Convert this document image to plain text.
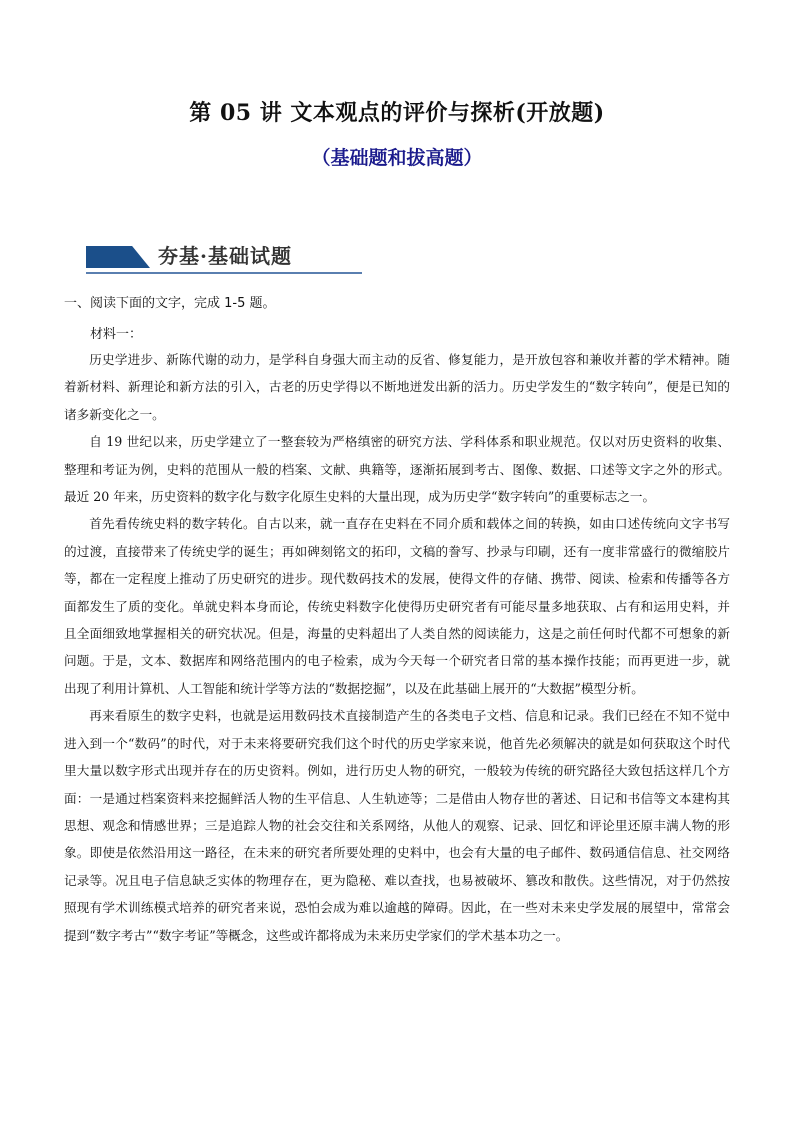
第 05 讲 文本观点的评价与探析(开放题)
（基础题和拔高题）
夯基·基础试题
一、阅读下面的文字，完成 1-5 题。
材料一：

历史学进步、新陈代谢的动力，是学科自身强大而主动的反省、修复能力，是开放包容和兼收并蓄的学术精神。随着新材料、新理论和新方法的引入，古老的历史学得以不断地迸发出新的活力。历史学发生的“数字转向”，便是已知的诸多新变化之一。

自 19 世纪以来，历史学建立了一整套较为严格缜密的研究方法、学科体系和职业规范。仅以对历史资料的收集、整理和考证为例，史料的范围从一般的档案、文献、典籍等，逐渐拓展到考古、图像、数据、口述等文字之外的形式。最近 20 年来，历史资料的数字化与数字化原生史料的大量出现，成为历史学“数字转向”的重要标志之一。

首先看传统史料的数字转化。自古以来，就一直存在史料在不同介质和载体之间的转换，如由口述传统向文字书写的过渡，直接带来了传统史学的诞生；再如碑刻铭文的拓印，文稿的誊写、抄录与印刷，还有一度非常盛行的微缩胶片等，都在一定程度上推动了历史研究的进步。现代数码技术的发展，使得文件的存储、携带、阅读、检索和传播等各方面都发生了质的变化。单就史料本身而论，传统史料数字化使得历史研究者有可能尽量多地获取、占有和运用史料，并且全面细致地掌握相关的研究状况。但是，海量的史料超出了人类自然的阅读能力，这是之前任何时代都不可想象的新问题。于是，文本、数据库和网络范围内的电子检索，成为今天每一个研究者日常的基本操作技能；而再更进一步，就出现了利用计算机、人工智能和统计学等方法的“数据挖掘”，以及在此基础上展开的“大数据”模型分析。

再来看原生的数字史料，也就是运用数码技术直接制造产生的各类电子文档、信息和记录。我们已经在不知不觉中进入到一个“数码”的时代，对于未来将要研究我们这个时代的历史学家来说，他首先必须解决的就是如何获取这个时代里大量以数字形式出现并存在的历史资料。例如，进行历史人物的研究，一般较为传统的研究路径大致包括这样几个方面：一是通过档案资料来挖掘鲜活人物的生平信息、人生轨迹等；二是借由人物存世的著述、日记和书信等文本建构其思想、观念和情感世界；三是追踪人物的社会交往和关系网络，从他人的观察、记录、回忆和评论里还原丰满人物的形象。即使是依然沿用这一路径，在未来的研究者所要处理的史料中，也会有大量的电子邮件、数码通信信息、社交网络记录等。况且电子信息缺乏实体的物理存在，更为隐秘、难以查找，也易被破坏、篡改和散佚。这些情况，对于仍然按照现有学术训练模式培养的研究者来说，恐怕会成为难以逾越的障碍。因此，在一些对未来史学发展的展望中，常常会提到“数字考古”“数字考证”等概念，这些或许都将成为未来历史学家们的学术基本功之一。
